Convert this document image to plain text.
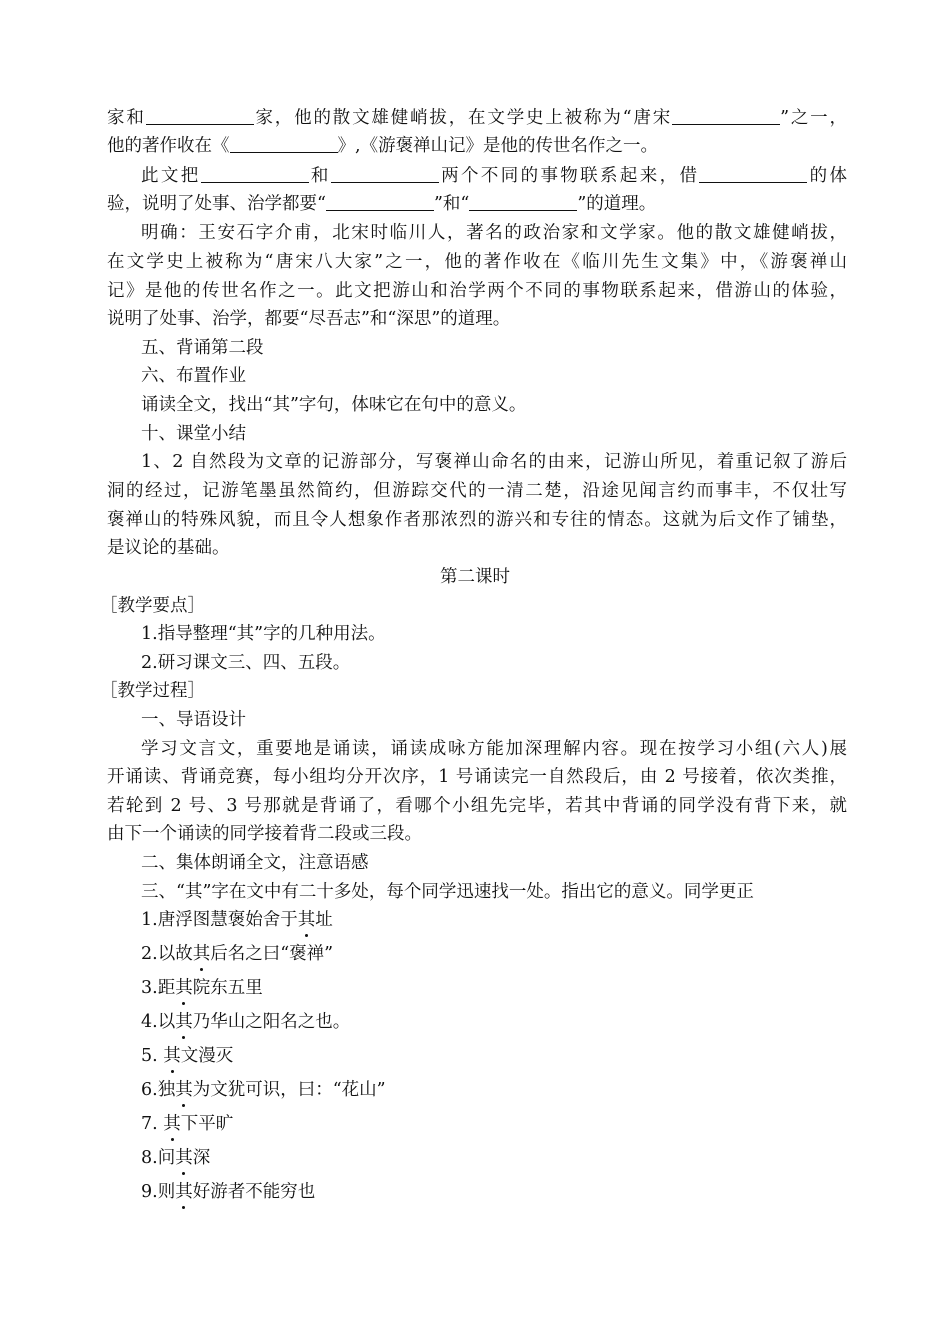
家和	家，他的散文雄健峭拔，在文学史上被称为“唐宋	”之一，
他的著作收在《	》,《游褒禅山记》是他的传世名作之一。
此文把	和	两个不同的事物联系起来，借	的体
验，说明了处事、治学都要“	”和“	”的道理。
明确：王安石字介甫，北宋时临川人，著名的政治家和文学家。他的散文雄健峭拔，
在文学史上被称为“唐宋八大家”之一，他的著作收在《临川先生文集》中，《游褒禅山
记》是他的传世名作之一。此文把游山和治学两个不同的事物联系起来，借游山的体验，
说明了处事、治学，都要“尽吾志”和“深思”的道理。
五、背诵第二段
六、布置作业
诵读全文，找出“其”字句，体味它在句中的意义。
十、课堂小结
1、2 自然段为文章的记游部分，写褒禅山命名的由来，记游山所见，着重记叙了游后
洞的经过，记游笔墨虽然简约，但游踪交代的一清二楚，沿途见闻言约而事丰，不仅壮写
褒禅山的特殊风貌，而且令人想象作者那浓烈的游兴和专往的情态。这就为后文作了铺垫，
是议论的基础。
第二课时
［教学要点］
1.指导整理“其”字的几种用法。
2.研习课文三、四、五段。
［教学过程］
一、导语设计
学习文言文，重要地是诵读，诵读成咏方能加深理解内容。现在按学习小组(六人)展
开诵读、背诵竞赛，每小组均分开次序，1 号诵读完一自然段后，由 2 号接着，依次类推，
若轮到 2 号、3 号那就是背诵了，看哪个小组先完毕，若其中背诵的同学没有背下来，就
由下一个诵读的同学接着背二段或三段。
二、集体朗诵全文，注意语感
三、“其”字在文中有二十多处，每个同学迅速找一处。指出它的意义。同学更正
1.唐浮图慧褒始舍于其址
2.以故其后名之曰“褒禅”
3.距其院东五里
4.以其乃华山之阳名之也。
5. 其文漫灭
6.独其为文犹可识，曰：“花山”
7. 其下平旷
8.问其深
9.则其好游者不能穷也
